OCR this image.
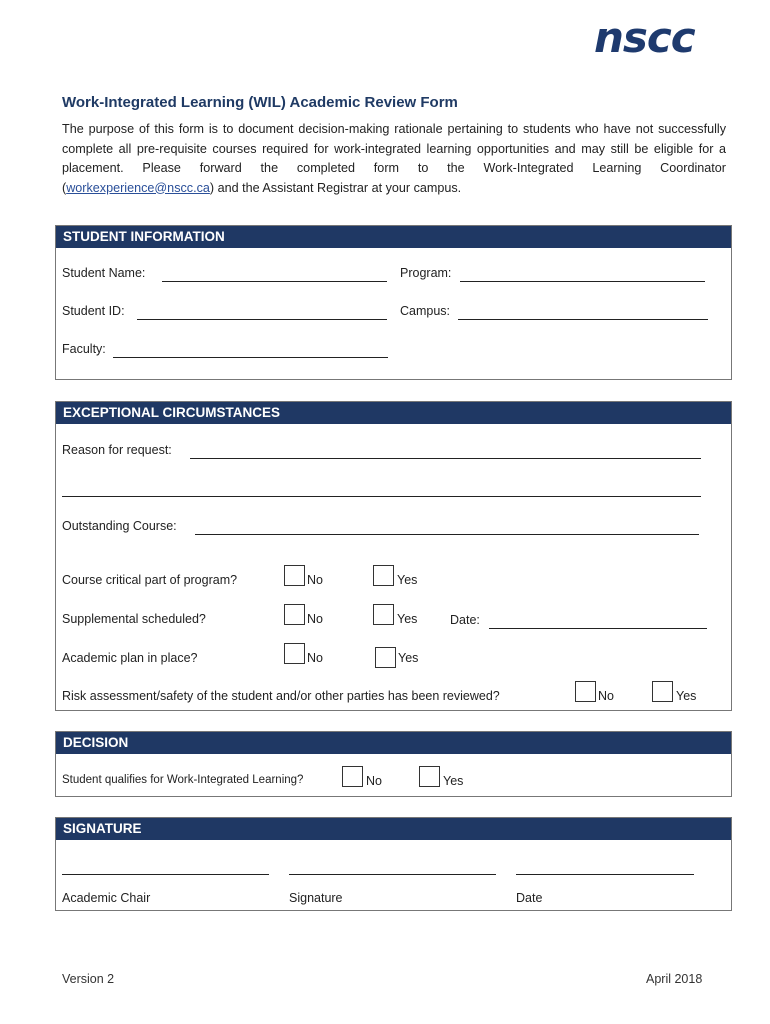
nscc
Work-Integrated Learning (WIL) Academic Review Form
The purpose of this form is to document decision-making rationale pertaining to students who have not successfully complete all pre-requisite courses required for work-integrated learning opportunities and may still be eligible for a placement. Please forward the completed form to the Work-Integrated Learning Coordinator (workexperience@nscc.ca) and the Assistant Registrar at your campus.
STUDENT INFORMATION
Student Name:	Program:
Student ID:	Campus:
Faculty:
EXCEPTIONAL CIRCUMSTANCES
Reason for request:
Outstanding Course:
Course critical part of program?	No	Yes
Supplemental scheduled?	No	Yes	Date:
Academic plan in place?	No	Yes
Risk assessment/safety of the student and/or other parties has been reviewed?	No	Yes
DECISION
Student qualifies for Work-Integrated Learning?	No	Yes
SIGNATURE
Academic Chair	Signature	Date
Version 2	April 2018
